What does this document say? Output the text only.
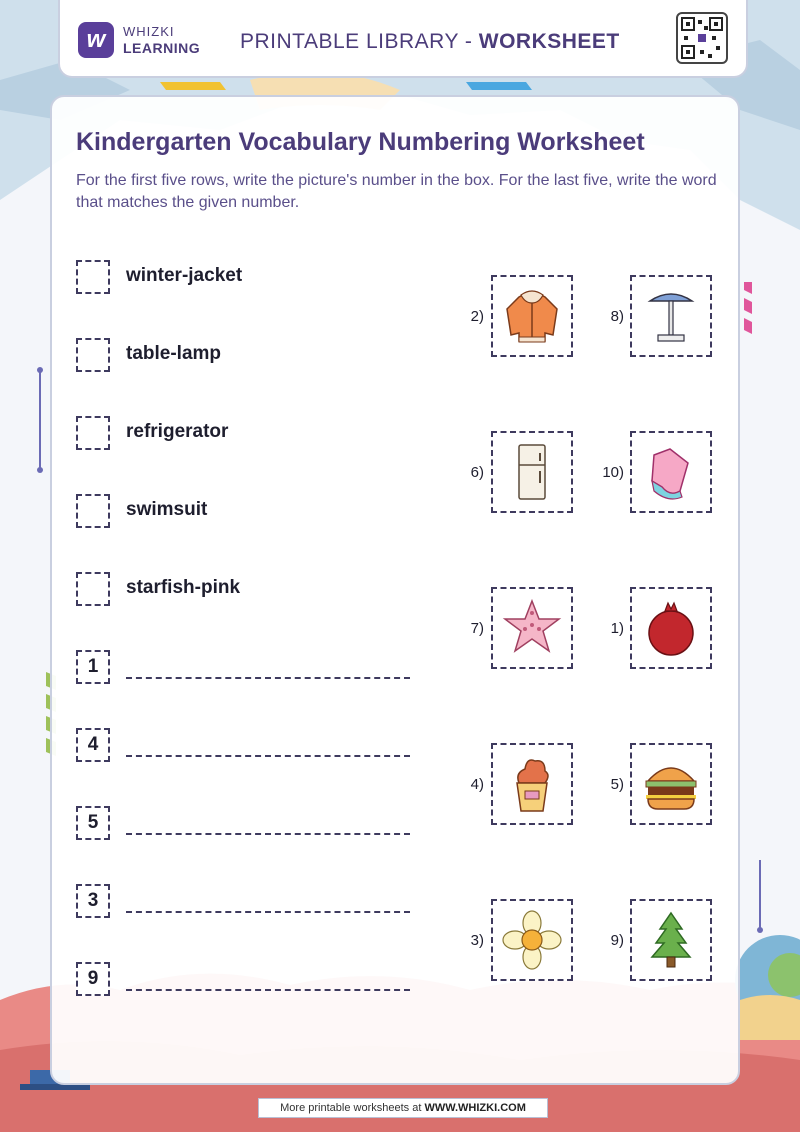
w	WHIZKI
LEARNING PRINTABLE LIBRARY - WORKSHEET
Kindergarten Vocabulary Numbering Worksheet
For the first five rows, write the picture's number in the box. For the last five, write the word that matches the given number.
winter-jacket
table-lamp
refrigerator
swimsuit
starfish-pink
1
4
5
3
9
2)	8)
6)	10)
7)	1)
4)	5)
3)	9)
More printable worksheets at WWW.WHIZKI.COM
